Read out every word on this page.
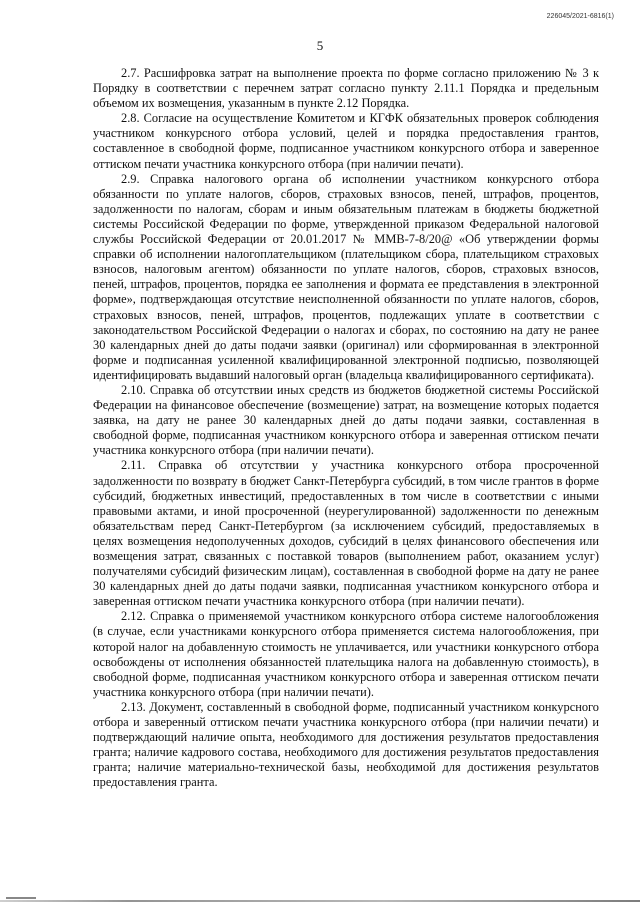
226045/2021-6816(1)
5

2.7. Расшифровка затрат на выполнение проекта по форме согласно приложению № 3 к Порядку в соответствии с перечнем затрат согласно пункту 2.11.1 Порядка и предельным объемом их возмещения, указанным в пункте 2.12 Порядка.

2.8. Согласие на осуществление Комитетом и КГФК обязательных проверок соблюдения участником конкурсного отбора условий, целей и порядка предоставления грантов, составленное в свободной форме, подписанное участником конкурсного отбора и заверенное оттиском печати участника конкурсного отбора (при наличии печати).

2.9. Справка налогового органа об исполнении участником конкурсного отбора обязанности по уплате налогов, сборов, страховых взносов, пеней, штрафов, процентов, задолженности по налогам, сборам и иным обязательным платежам в бюджеты бюджетной системы Российской Федерации по форме, утвержденной приказом Федеральной налоговой службы Российской Федерации от 20.01.2017 № ММВ-7-8/20@ «Об утверждении формы справки об исполнении налогоплательщиком (плательщиком сбора, плательщиком страховых взносов, налоговым агентом) обязанности по уплате налогов, сборов, страховых взносов, пеней, штрафов, процентов, порядка ее заполнения и формата ее представления в электронной форме», подтверждающая отсутствие неисполненной обязанности по уплате налогов, сборов, страховых взносов, пеней, штрафов, процентов, подлежащих уплате в соответствии с законодательством Российской Федерации о налогах и сборах, по состоянию на дату не ранее 30 календарных дней до даты подачи заявки (оригинал) или сформированная в электронной форме и подписанная усиленной квалифицированной электронной подписью, позволяющей идентифицировать выдавший налоговый орган (владельца квалифицированного сертификата).

2.10. Справка об отсутствии иных средств из бюджетов бюджетной системы Российской Федерации на финансовое обеспечение (возмещение) затрат, на возмещение которых подается заявка, на дату не ранее 30 календарных дней до даты подачи заявки, составленная в свободной форме, подписанная участником конкурсного отбора и заверенная оттиском печати участника конкурсного отбора (при наличии печати).

2.11. Справка об отсутствии у участника конкурсного отбора просроченной задолженности по возврату в бюджет Санкт-Петербурга субсидий, в том числе грантов в форме субсидий, бюджетных инвестиций, предоставленных в том числе в соответствии с иными правовыми актами, и иной просроченной (неурегулированной) задолженности по денежным обязательствам перед Санкт-Петербургом (за исключением субсидий, предоставляемых в целях возмещения недополученных доходов, субсидий в целях финансового обеспечения или возмещения затрат, связанных с поставкой товаров (выполнением работ, оказанием услуг) получателями субсидий физическим лицам), составленная в свободной форме на дату не ранее 30 календарных дней до даты подачи заявки, подписанная участником конкурсного отбора и заверенная оттиском печати участника конкурсного отбора (при наличии печати).

2.12. Справка о применяемой участником конкурсного отбора системе налогообложения (в случае, если участниками конкурсного отбора применяется система налогообложения, при которой налог на добавленную стоимость не уплачивается, или участники конкурсного отбора освобождены от исполнения обязанностей плательщика налога на добавленную стоимость), в свободной форме, подписанная участником конкурсного отбора и заверенная оттиском печати участника конкурсного отбора (при наличии печати).

2.13. Документ, составленный в свободной форме, подписанный участником конкурсного отбора и заверенный оттиском печати участника конкурсного отбора (при наличии печати) и подтверждающий наличие опыта, необходимого для достижения результатов предоставления гранта; наличие кадрового состава, необходимого для достижения результатов предоставления гранта; наличие материально-технической базы, необходимой для достижения результатов предоставления гранта.
